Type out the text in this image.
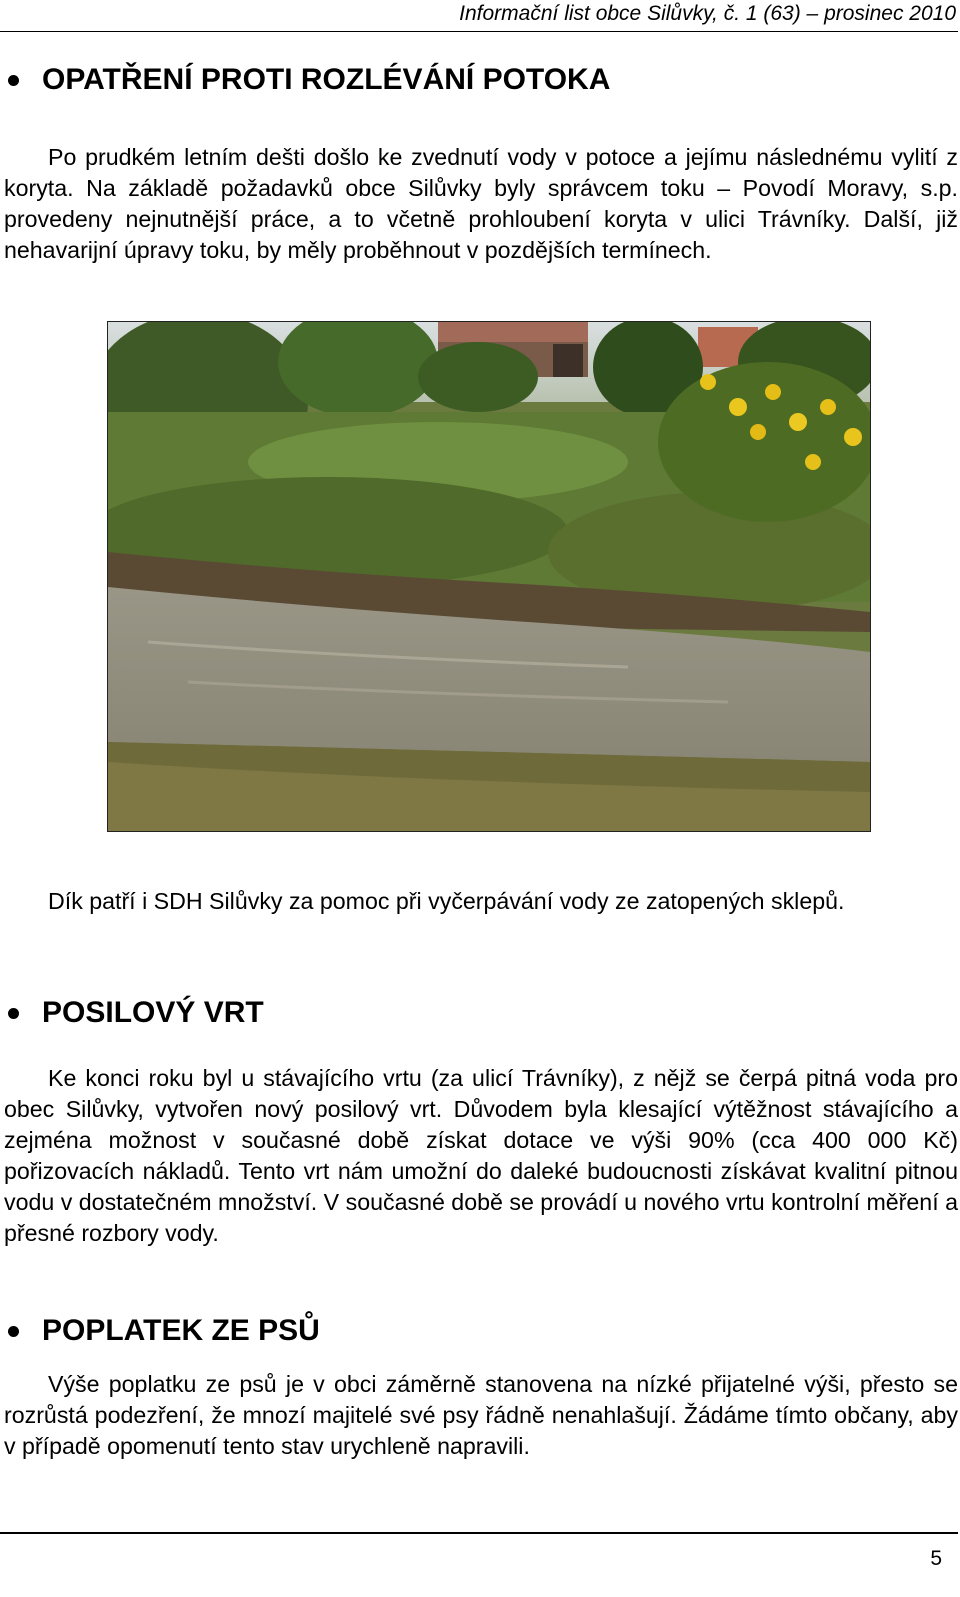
Informační list obce Silůvky, č. 1 (63) – prosinec 2010
OPATŘENÍ PROTI ROZLÉVÁNÍ POTOKA

Po prudkém letním dešti došlo ke zvednutí vody v potoce a jejímu následnému vylití z koryta. Na základě požadavků obce Silůvky byly správcem toku – Povodí Moravy, s.p. provedeny nejnutnější práce, a to včetně prohloubení koryta v ulici Trávníky. Další, již nehavarijní úpravy toku, by měly proběhnout v pozdějších termínech.

Dík patří i SDH Silůvky za pomoc při vyčerpávání vody ze zatopených sklepů.

POSILOVÝ VRT

Ke konci roku byl u stávajícího vrtu (za ulicí Trávníky), z nějž se čerpá pitná voda pro obec Silůvky, vytvořen nový posilový vrt. Důvodem byla klesající výtěžnost stávajícího a zejména možnost v současné době získat dotace ve výši 90% (cca 400 000 Kč) pořizovacích nákladů. Tento vrt nám umožní do daleké budoucnosti získávat kvalitní pitnou vodu v dostatečném množství. V současné době se provádí u nového vrtu kontrolní měření a přesné rozbory vody.

POPLATEK ZE PSŮ

Výše poplatku ze psů je v obci záměrně stanovena na nízké přijatelné výši, přesto se rozrůstá podezření, že mnozí majitelé své psy řádně nenahlašují. Žádáme tímto občany, aby v případě opomenutí tento stav urychleně napravili.

5
